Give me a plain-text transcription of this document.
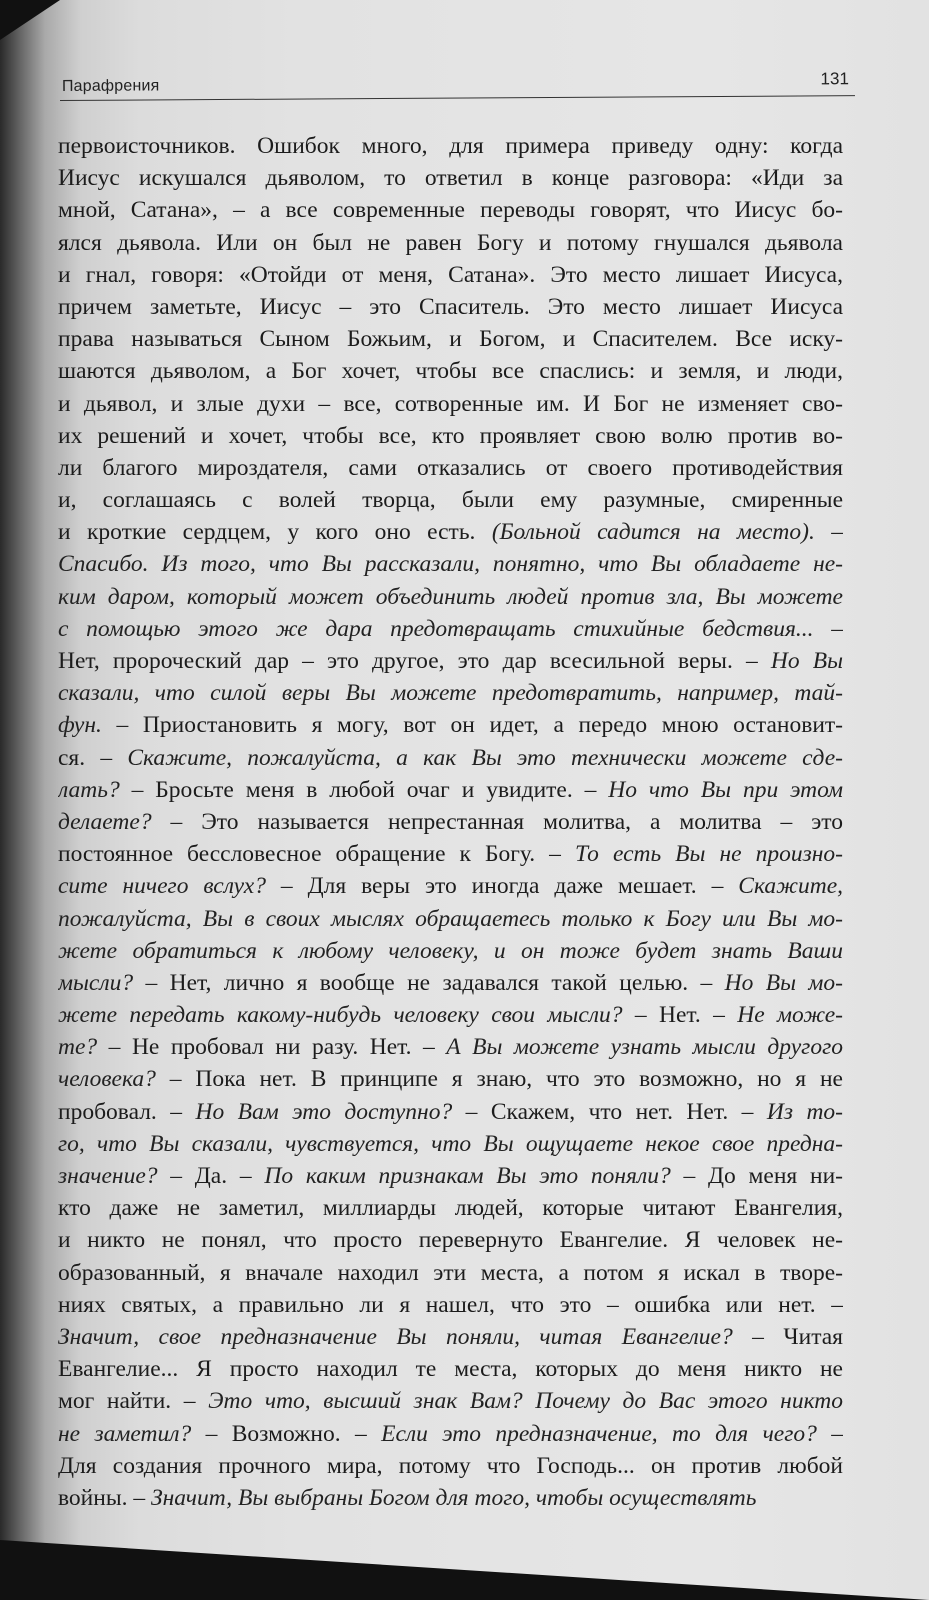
Парафрения	131
первоисточников. Ошибок много, для примера приведу одну: когда
Иисус искушался дьяволом, то ответил в конце разговора: «Иди за
мной, Сатана», – а все современные переводы говорят, что Иисус бо-
ялся дьявола. Или он был не равен Богу и потому гнушался дьявола
и гнал, говоря: «Отойди от меня, Сатана». Это место лишает Иисуса,
причем заметьте, Иисус – это Спаситель. Это место лишает Иисуса
права называться Сыном Божьим, и Богом, и Спасителем. Все иску-
шаются дьяволом, а Бог хочет, чтобы все спаслись: и земля, и люди,
и дьявол, и злые духи – все, сотворенные им. И Бог не изменяет сво-
их решений и хочет, чтобы все, кто проявляет свою волю против во-
ли благого мироздателя, сами отказались от своего противодействия
и, соглашаясь с волей творца, были ему разумные, смиренные
и кроткие сердцем, у кого оно есть. (Больной садится на место). –
Спасибо. Из того, что Вы рассказали, понятно, что Вы обладаете не-
ким даром, который может объединить людей против зла, Вы можете
с помощью этого же дара предотвращать стихийные бедствия... –
Нет, пророческий дар – это другое, это дар всесильной веры. – Но Вы
сказали, что силой веры Вы можете предотвратить, например, тай-
фун. – Приостановить я могу, вот он идет, а передо мною остановит-
ся. – Скажите, пожалуйста, а как Вы это технически можете сде-
лать? – Бросьте меня в любой очаг и увидите. – Но что Вы при этом
делаете? – Это называется непрестанная молитва, а молитва – это
постоянное бессловесное обращение к Богу. – То есть Вы не произно-
сите ничего вслух? – Для веры это иногда даже мешает. – Скажите,
пожалуйста, Вы в своих мыслях обращаетесь только к Богу или Вы мо-
жете обратиться к любому человеку, и он тоже будет знать Ваши
мысли? – Нет, лично я вообще не задавался такой целью. – Но Вы мо-
жете передать какому-нибудь человеку свои мысли? – Нет. – Не може-
те? – Не пробовал ни разу. Нет. – А Вы можете узнать мысли другого
человека? – Пока нет. В принципе я знаю, что это возможно, но я не
пробовал. – Но Вам это доступно? – Скажем, что нет. Нет. – Из то-
го, что Вы сказали, чувствуется, что Вы ощущаете некое свое предна-
значение? – Да. – По каким признакам Вы это поняли? – До меня ни-
кто даже не заметил, миллиарды людей, которые читают Евангелия,
и никто не понял, что просто перевернуто Евангелие. Я человек не-
образованный, я вначале находил эти места, а потом я искал в творе-
ниях святых, а правильно ли я нашел, что это – ошибка или нет. –
Значит, свое предназначение Вы поняли, читая Евангелие? – Читая
Евангелие... Я просто находил те места, которых до меня никто не
мог найти. – Это что, высший знак Вам? Почему до Вас этого никто
не заметил? – Возможно. – Если это предназначение, то для чего? –
Для создания прочного мира, потому что Господь... он против любой
войны. – Значит, Вы выбраны Богом для того, чтобы осуществлять
